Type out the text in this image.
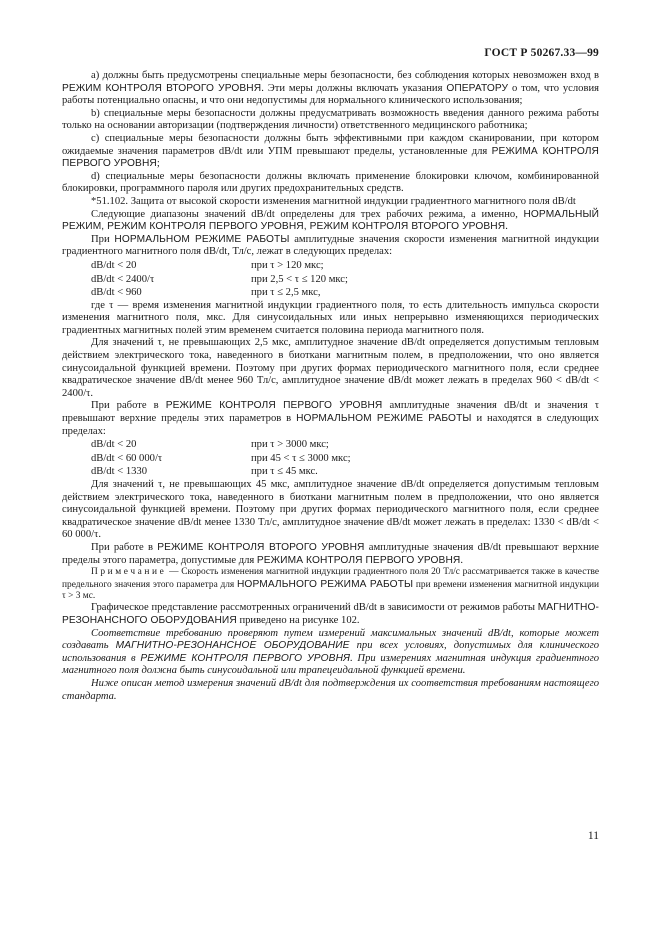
ГОСТ Р 50267.33—99

а) должны быть предусмотрены специальные меры безопасности, без соблюдения которых невозможен вход в РЕЖИМ КОНТРОЛЯ ВТОРОГО УРОВНЯ. Эти меры должны включать указания ОПЕРАТОРУ о том, что условия работы потенциально опасны, и что они недопустимы для нормального клинического использования;

b) специальные меры безопасности должны предусматривать возможность введения данного режима работы только на основании авторизации (подтверждения личности) ответственного медицинского работника;

c) специальные меры безопасности должны быть эффективными при каждом сканировании, при котором ожидаемые значения параметров dB/dt или УПМ превышают пределы, установленные для РЕЖИМА КОНТРОЛЯ ПЕРВОГО УРОВНЯ;

d) специальные меры безопасности должны включать применение блокировки ключом, комбинированной блокировки, программного пароля или других предохранительных средств.

*51.102. Защита от высокой скорости изменения магнитной индукции градиентного магнитного поля dB/dt

Следующие диапазоны значений dB/dt определены для трех рабочих режима, а именно, НОРМАЛЬНЫЙ РЕЖИМ, РЕЖИМ КОНТРОЛЯ ПЕРВОГО УРОВНЯ, РЕЖИМ КОНТРОЛЯ ВТОРОГО УРОВНЯ.

При НОРМАЛЬНОМ РЕЖИМЕ РАБОТЫ амплитудные значения скорости изменения магнитной индукции градиентного магнитного поля dB/dt, Тл/с, лежат в следующих пределах:

dB/dt < 20	при τ > 120 мкс;
dB/dt < 2400/τ	при 2,5 < τ ≤ 120 мкс;
dB/dt < 960	при τ ≤ 2,5 мкс,

где τ — время изменения магнитной индукции градиентного поля, то есть длительность импульса скорости изменения магнитного поля, мкс. Для синусоидальных или иных непрерывно изменяющихся периодических градиентных магнитных полей этим временем считается половина периода магнитного поля.

Для значений τ, не превышающих 2,5 мкс, амплитудное значение dB/dt определяется допустимым тепловым действием электрического тока, наведенного в биоткани магнитным полем, в предположении, что оно является синусоидальной функцией времени. Поэтому при других формах периодического магнитного поля, если среднее квадратическое значение dB/dt менее 960 Тл/с, амплитудное значение dB/dt может лежать в пределах 960 < dB/dt < 2400/τ.

При работе в РЕЖИМЕ КОНТРОЛЯ ПЕРВОГО УРОВНЯ амплитудные значения dB/dt и значения τ превышают верхние пределы этих параметров в НОРМАЛЬНОМ РЕЖИМЕ РАБОТЫ и находятся в следующих пределах:

dB/dt < 20	при τ > 3000 мкс;
dB/dt < 60 000/τ	при 45 < τ ≤ 3000 мкс;
dB/dt < 1330	при τ ≤ 45 мкс.

Для значений τ, не превышающих 45 мкс, амплитудное значение dB/dt определяется допустимым тепловым действием электрического тока, наведенного в биоткани магнитным полем в предположении, что оно является синусоидальной функцией времени. Поэтому при других формах периодического магнитного поля, если среднее квадратическое значение dB/dt менее 1330 Тл/с, амплитудное значение dB/dt может лежать в пределах: 1330 < dB/dt < 60 000/τ.

При работе в РЕЖИМЕ КОНТРОЛЯ ВТОРОГО УРОВНЯ амплитудные значения dB/dt превышают верхние пределы этого параметра, допустимые для РЕЖИМА КОНТРОЛЯ ПЕРВОГО УРОВНЯ.

Примечание — Скорость изменения магнитной индукции градиентного поля 20 Тл/с рассматривается также в качестве предельного значения этого параметра для НОРМАЛЬНОГО РЕЖИМА РАБОТЫ при времени изменения магнитной индукции τ > 3 мс.

Графическое представление рассмотренных ограничений dB/dt в зависимости от режимов работы МАГНИТНО-РЕЗОНАНСНОГО ОБОРУДОВАНИЯ приведено на рисунке 102.

Соответствие требованию проверяют путем измерений максимальных значений dB/dt, которые может создавать МАГНИТНО-РЕЗОНАНСНОЕ ОБОРУДОВАНИЕ при всех условиях, допустимых для клинического использования в РЕЖИМЕ КОНТРОЛЯ ПЕРВОГО УРОВНЯ. При измерениях магнитная индукция градиентного магнитного поля должна быть синусоидальной или трапецеидальной функцией времени.

Ниже описан метод измерения значений dB/dt для подтверждения их соответствия требованиям настоящего стандарта.

11
